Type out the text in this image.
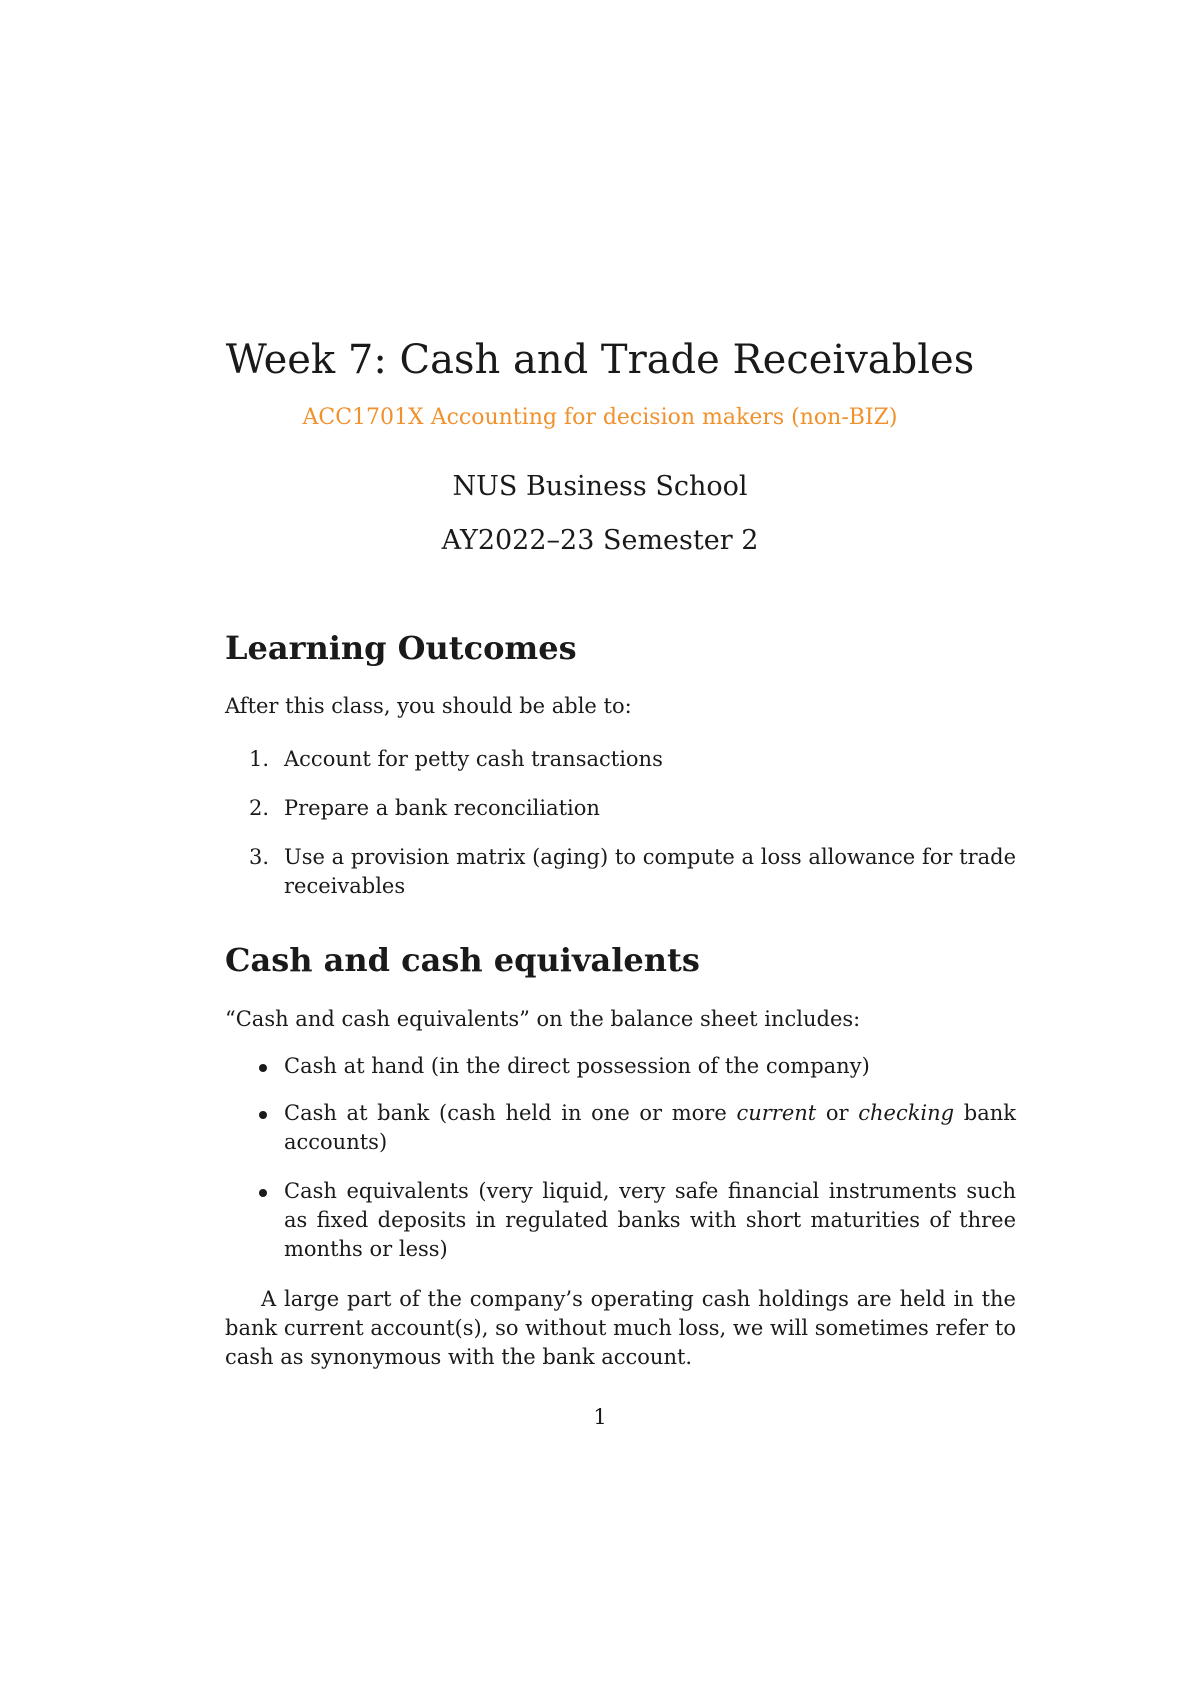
Week 7: Cash and Trade Receivables
ACC1701X Accounting for decision makers (non-BIZ)
NUS Business School
AY2022–23 Semester 2
Learning Outcomes

After this class, you should be able to:

1. Account for petty cash transactions
2. Prepare a bank reconciliation
3. Use a provision matrix (aging) to compute a loss allowance for trade receivables
Cash and cash equivalents

“Cash and cash equivalents” on the balance sheet includes:

Cash at hand (in the direct possession of the company)
Cash at bank (cash held in one or more current or checking bank accounts)
Cash equivalents (very liquid, very safe financial instruments such as fixed deposits in regulated banks with short maturities of three months or less)

A large part of the company’s operating cash holdings are held in the bank current account(s), so without much loss, we will sometimes refer to cash as synonymous with the bank account.

1
